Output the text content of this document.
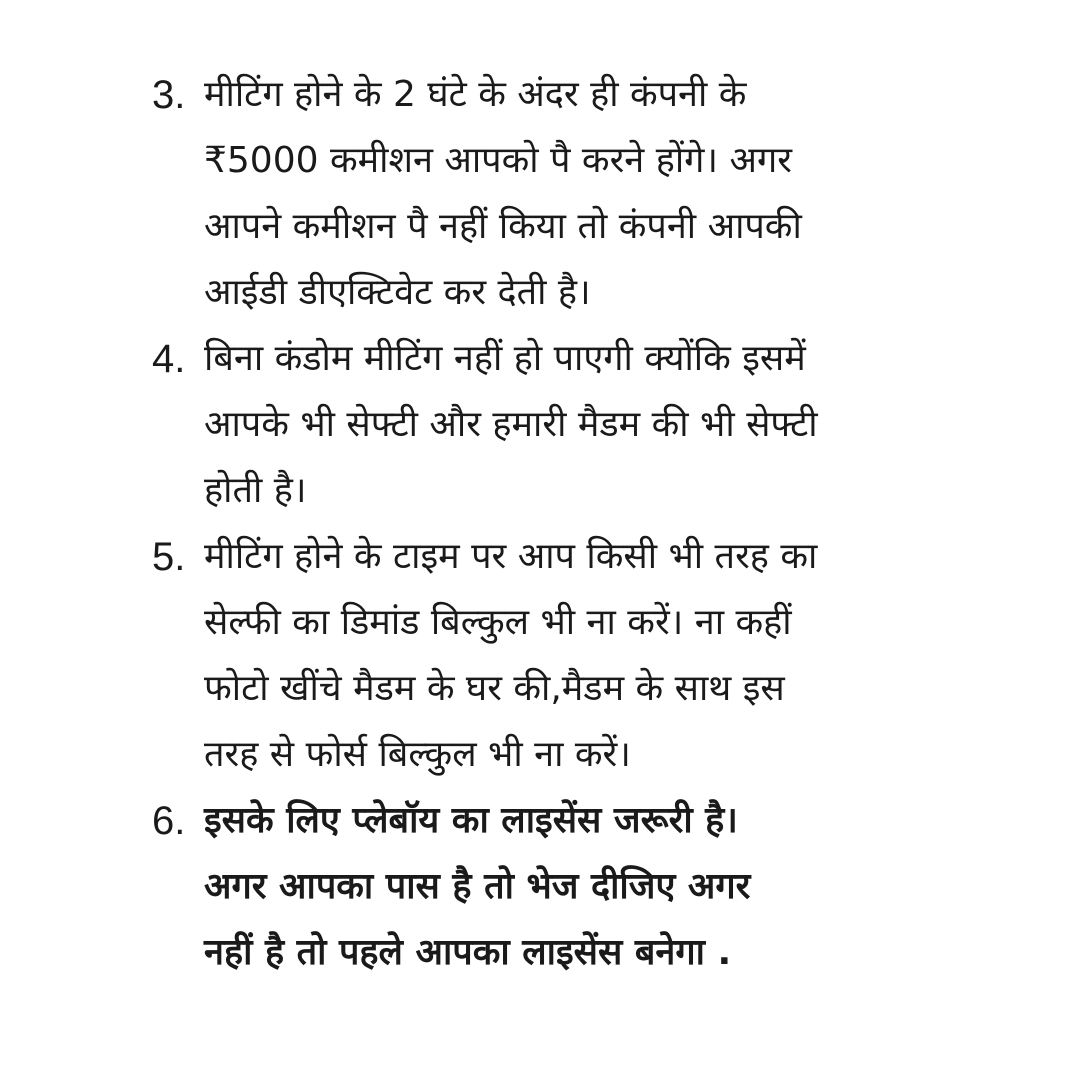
3. मीटिंग होने के 2 घंटे के अंदर ही कंपनी के
₹5000 कमीशन आपको पै करने होंगे। अगर
आपने कमीशन पै नहीं किया तो कंपनी आपकी
आईडी डीएक्टिवेट कर देती है।
4. बिना कंडोम मीटिंग नहीं हो पाएगी क्योंकि इसमें
आपके भी सेफ्टी और हमारी मैडम की भी सेफ्टी
होती है।
5. मीटिंग होने के टाइम पर आप किसी भी तरह का
सेल्फी का डिमांड बिल्कुल भी ना करें। ना कहीं
फोटो खींचे मैडम के घर की,मैडम के साथ इस
तरह से फोर्स बिल्कुल भी ना करें।
6. इसके लिए प्लेबॉय का लाइसेंस जरूरी है।
अगर आपका पास है तो भेज दीजिए अगर
नहीं है तो पहले आपका लाइसेंस बनेगा .
